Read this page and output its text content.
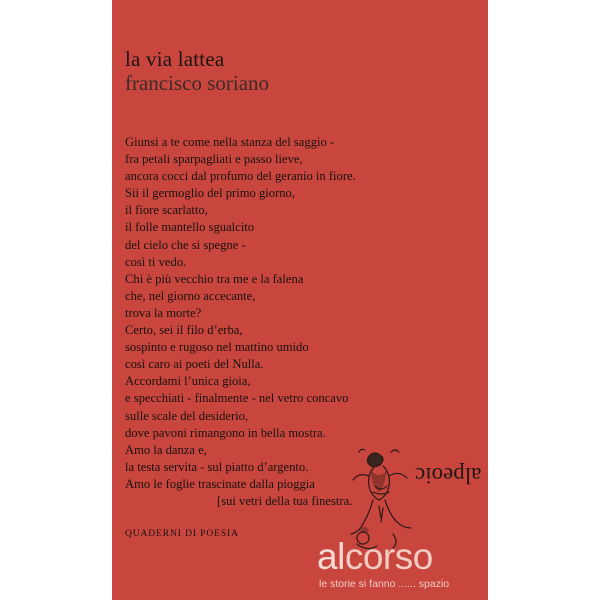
la via lattea
francisco soriano
Giunsi a te come nella stanza del saggio -
fra petali sparpagliati e passo lieve,
ancora cocci dal profumo del geranio in fiore.
Sii il germoglio del primo giorno,
il fiore scarlatto,
il folle mantello sgualcito
del cielo che si spegne -
così ti vedo.
Chi è più vecchio tra me e la falena
che, nel giorno accecante,
trova la morte?
Certo, sei il filo d’erba,
sospinto e rugoso nel mattino umido
così caro ai poeti del Nulla.
Accordami l’unica gioia,
e specchiati - finalmente - nel vetro concavo
sulle scale del desiderio,
dove pavoni rimangono in bella mostra.
Amo la danza e,
la testa servita - sul piatto d’argento.
Amo le foglie trascinate dalla pioggia
[sui vetri della tua finestra.
QUADERNI DI POESIA
alpeoic
alcorso
le storie si fanno ...... spazio
